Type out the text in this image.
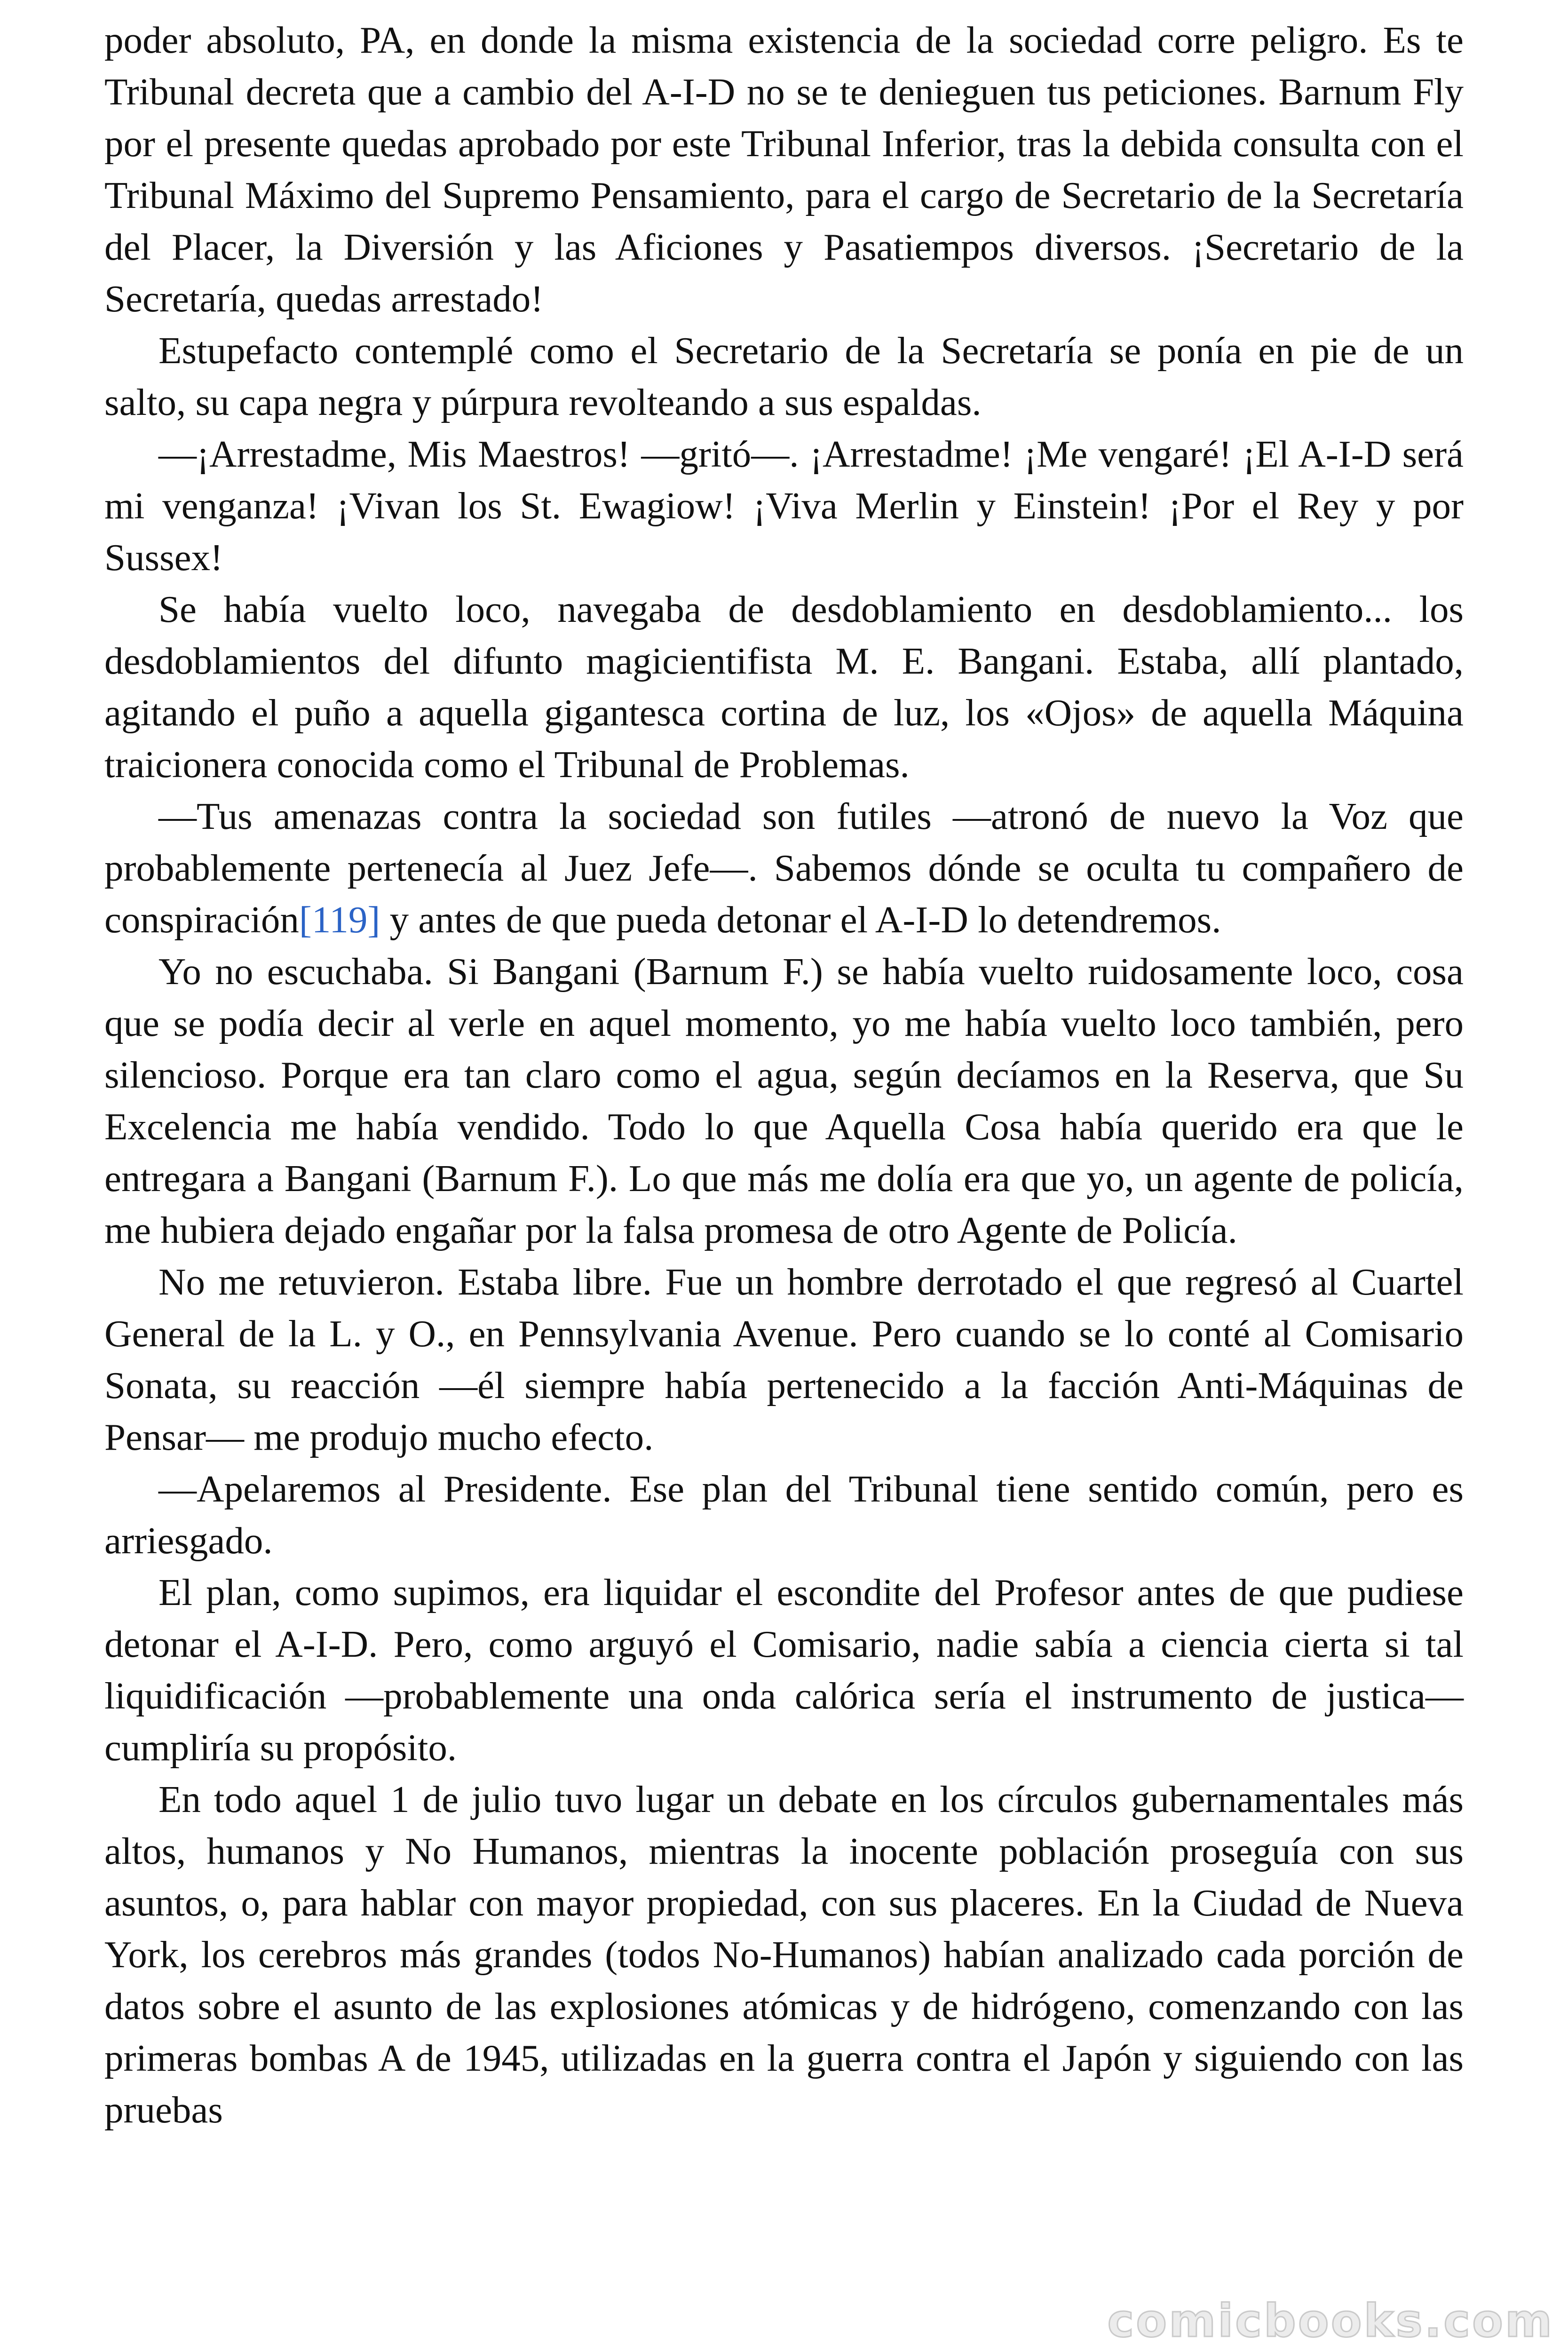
poder absoluto, PA, en donde la misma existencia de la sociedad corre peligro. Es te Tribunal decreta que a cambio del A-I-D no se te denieguen tus peticiones. Barnum Fly por el presente quedas aprobado por este Tribunal Inferior, tras la debida consulta con el Tribunal Máximo del Supremo Pensamiento, para el cargo de Secretario de la Secretaría del Placer, la Diversión y las Aficiones y Pasatiempos diversos. ¡Secretario de la Secretaría, quedas arrestado!

Estupefacto contemplé como el Secretario de la Secretaría se ponía en pie de un salto, su capa negra y púrpura revolteando a sus espaldas.

—¡Arrestadme, Mis Maestros! —gritó—. ¡Arrestadme! ¡Me vengaré! ¡El A-I-D será mi venganza! ¡Vivan los St. Ewagiow! ¡Viva Merlin y Einstein! ¡Por el Rey y por Sussex!

Se había vuelto loco, navegaba de desdoblamiento en desdoblamiento... los desdoblamientos del difunto magicientifista M. E. Bangani. Estaba, allí plantado, agitando el puño a aquella gigantesca cortina de luz, los «Ojos» de aquella Máquina traicionera conocida como el Tribunal de Problemas.

—Tus amenazas contra la sociedad son futiles —atronó de nuevo la Voz que probablemente pertenecía al Juez Jefe—. Sabemos dónde se oculta tu compañero de conspiración[119] y antes de que pueda detonar el A-I-D lo detendremos.

Yo no escuchaba. Si Bangani (Barnum F.) se había vuelto ruidosamente loco, cosa que se podía decir al verle en aquel momento, yo me había vuelto loco también, pero silencioso. Porque era tan claro como el agua, según decíamos en la Reserva, que Su Excelencia me había vendido. Todo lo que Aquella Cosa había querido era que le entregara a Bangani (Barnum F.). Lo que más me dolía era que yo, un agente de policía, me hubiera dejado engañar por la falsa promesa de otro Agente de Policía.

No me retuvieron. Estaba libre. Fue un hombre derrotado el que regresó al Cuartel General de la L. y O., en Pennsylvania Avenue. Pero cuando se lo conté al Comisario Sonata, su reacción —él siempre había pertenecido a la facción Anti-Máquinas de Pensar— me produjo mucho efecto.

—Apelaremos al Presidente. Ese plan del Tribunal tiene sentido común, pero es arriesgado.

El plan, como supimos, era liquidar el escondite del Profesor antes de que pudiese detonar el A-I-D. Pero, como arguyó el Comisario, nadie sabía a ciencia cierta si tal liquidificación —probablemente una onda calórica sería el instrumento de justica— cumpliría su propósito.

En todo aquel 1 de julio tuvo lugar un debate en los círculos gubernamentales más altos, humanos y No Humanos, mientras la inocente población proseguía con sus asuntos, o, para hablar con mayor propiedad, con sus placeres. En la Ciudad de Nueva York, los cerebros más grandes (todos No-Humanos) habían analizado cada porción de datos sobre el asunto de las explosiones atómicas y de hidrógeno, comenzando con las primeras bombas A de 1945, utilizadas en la guerra contra el Japón y siguiendo con las pruebas

comicbooks.com
